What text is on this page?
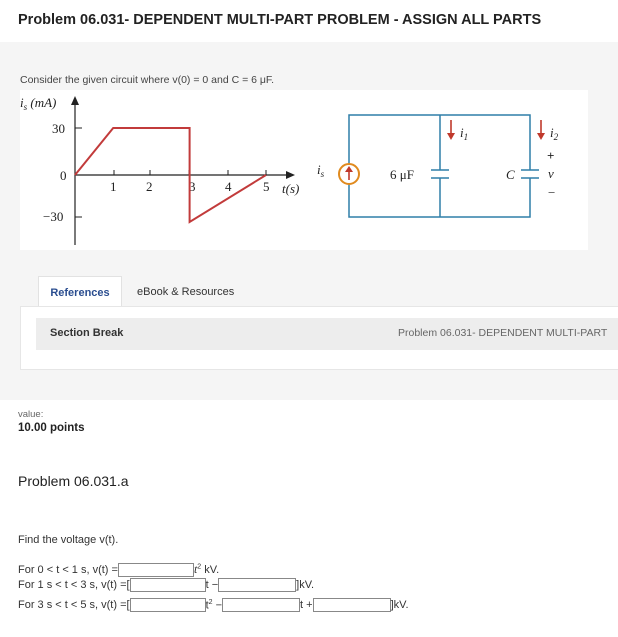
Problem 06.031- DEPENDENT MULTI-PART PROBLEM - ASSIGN ALL PARTS
Consider the given circuit where v(0) = 0 and C = 6 μF.
$i_s$ (mA)
30
0
−30
1 2	3 4 5 t(s)
$i_s$	6 μF	C
$i_1$	$i_2$
+
v
−
References	eBook & Resources
Section Break	Problem 06.031- DEPENDENT MULTI-PART
value:
10.00 points
Problem 06.031.a
Find the voltage v(t).
For 0 < t < 1 s, v(t) =	$t^2$ kV.
For 1 s < t < 3 s, v(t) = [	t −	] kV.
For 3 s < t < 5 s, v(t) = [	$t^2$ −	t +	] kV.
